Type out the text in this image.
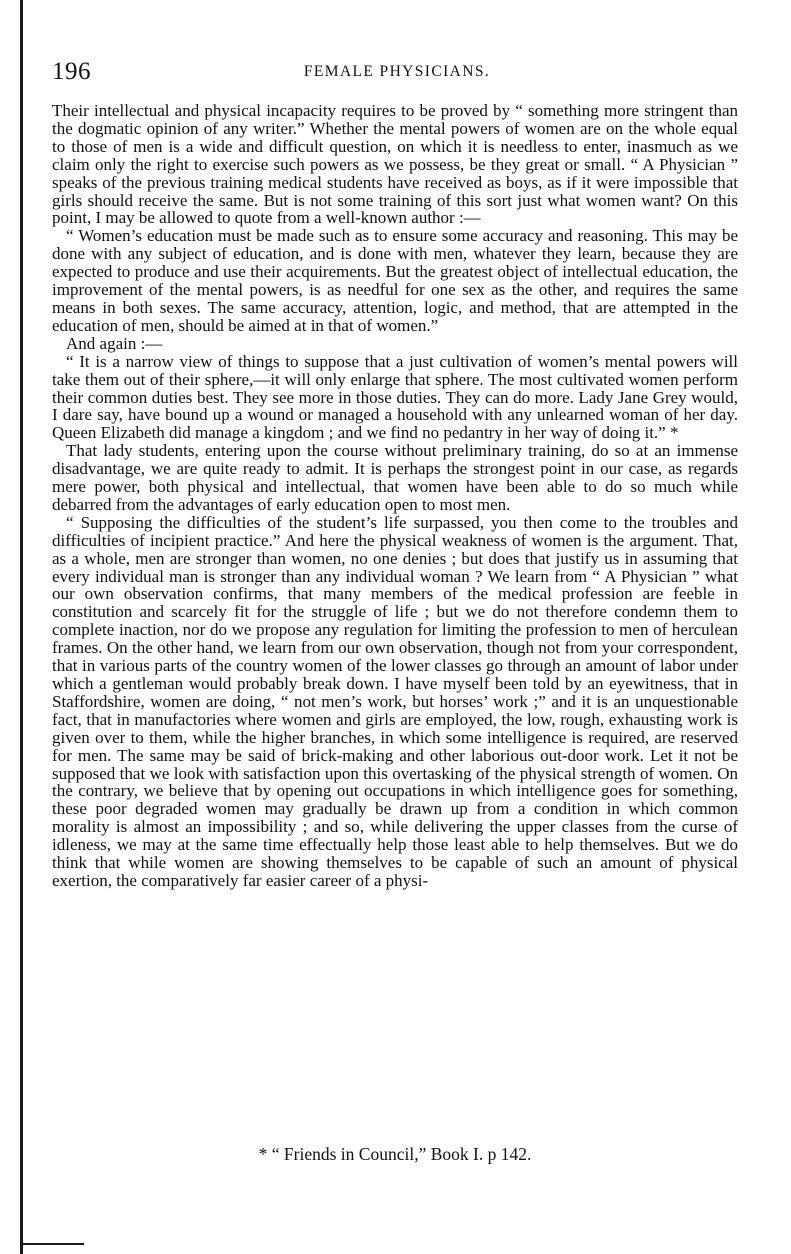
196	FEMALE PHYSICIANS.

Their intellectual and physical incapacity requires to be proved by “ something more stringent than the dogmatic opinion of any writer.” Whether the mental powers of women are on the whole equal to those of men is a wide and difficult question, on which it is needless to enter, inasmuch as we claim only the right to exercise such powers as we possess, be they great or small. “ A Physician ” speaks of the previous training medical students have received as boys, as if it were impossible that girls should receive the same. But is not some training of this sort just what women want? On this point, I may be allowed to quote from a well-known author :—

“ Women’s education must be made such as to ensure some accuracy and reasoning. This may be done with any subject of education, and is done with men, whatever they learn, because they are expected to produce and use their acquirements. But the greatest object of intellectual education, the improvement of the mental powers, is as needful for one sex as the other, and requires the same means in both sexes. The same accuracy, attention, logic, and method, that are attempted in the education of men, should be aimed at in that of women.”

And again :—

“ It is a narrow view of things to suppose that a just cultivation of women’s mental powers will take them out of their sphere,—it will only enlarge that sphere. The most cultivated women perform their common duties best. They see more in those duties. They can do more. Lady Jane Grey would, I dare say, have bound up a wound or managed a household with any unlearned woman of her day. Queen Elizabeth did manage a kingdom ; and we find no pedantry in her way of doing it.” *

That lady students, entering upon the course without preliminary training, do so at an immense disadvantage, we are quite ready to admit. It is perhaps the strongest point in our case, as regards mere power, both physical and intellectual, that women have been able to do so much while debarred from the advantages of early education open to most men.

“ Supposing the difficulties of the student’s life surpassed, you then come to the troubles and difficulties of incipient practice.” And here the physical weakness of women is the argument. That, as a whole, men are stronger than women, no one denies ; but does that justify us in assuming that every individual man is stronger than any individual woman ? We learn from “ A Physician ” what our own observation confirms, that many members of the medical profession are feeble in constitution and scarcely fit for the struggle of life ; but we do not therefore condemn them to complete inaction, nor do we propose any regulation for limiting the profession to men of herculean frames. On the other hand, we learn from our own observation, though not from your correspondent, that in various parts of the country women of the lower classes go through an amount of labor under which a gentleman would probably break down. I have myself been told by an eyewitness, that in Staffordshire, women are doing, “ not men’s work, but horses’ work ;” and it is an unquestionable fact, that in manufactories where women and girls are employed, the low, rough, exhausting work is given over to them, while the higher branches, in which some intelligence is required, are reserved for men. The same may be said of brick-making and other laborious out-door work. Let it not be supposed that we look with satisfaction upon this overtasking of the physical strength of women. On the contrary, we believe that by opening out occupations in which intelligence goes for something, these poor degraded women may gradually be drawn up from a condition in which common morality is almost an impossibility ; and so, while delivering the upper classes from the curse of idleness, we may at the same time effectually help those least able to help themselves. But we do think that while women are showing themselves to be capable of such an amount of physical exertion, the comparatively far easier career of a physi-

* “ Friends in Council,” Book I. p 142.
